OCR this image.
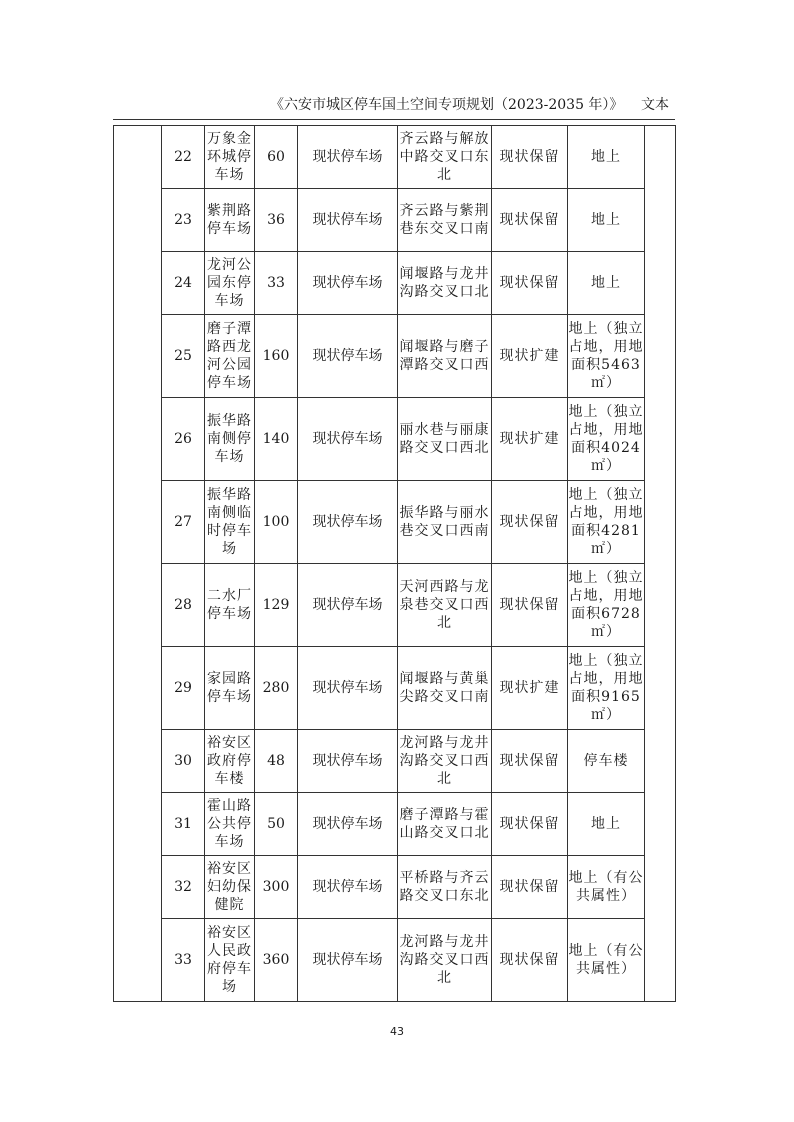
《六安市城区停车国土空间专项规划（2023-2035 年）》 文本
	22	万象金环城停车场	60	现状停车场	齐云路与解放中路交叉口东北	现状保留	地上	
	23	紫荆路停车场	36	现状停车场	齐云路与紫荆巷东交叉口南	现状保留	地上	
	24	龙河公园东停车场	33	现状停车场	闻堰路与龙井沟路交叉口北	现状保留	地上	
	25	磨子潭路西龙河公园停车场	160	现状停车场	闻堰路与磨子潭路交叉口西	现状扩建	地上（独立占地，用地面积5463㎡）	
	26	振华路南侧停车场	140	现状停车场	丽水巷与丽康路交叉口西北	现状扩建	地上（独立占地，用地面积4024㎡）	
	27	振华路南侧临时停车场	100	现状停车场	振华路与丽水巷交叉口西南	现状保留	地上（独立占地，用地面积4281㎡）	
	28	二水厂停车场	129	现状停车场	天河西路与龙泉巷交叉口西北	现状保留	地上（独立占地，用地面积6728㎡）	
	29	家园路停车场	280	现状停车场	闻堰路与黄巢尖路交叉口南	现状扩建	地上（独立占地，用地面积9165㎡）	
	30	裕安区政府停车楼	48	现状停车场	龙河路与龙井沟路交叉口西北	现状保留	停车楼	
	31	霍山路公共停车场	50	现状停车场	磨子潭路与霍山路交叉口北	现状保留	地上	
	32	裕安区妇幼保健院	300	现状停车场	平桥路与齐云路交叉口东北	现状保留	地上（有公共属性）	
	33	裕安区人民政府停车场	360	现状停车场	龙河路与龙井沟路交叉口西北	现状保留	地上（有公共属性）	
43
